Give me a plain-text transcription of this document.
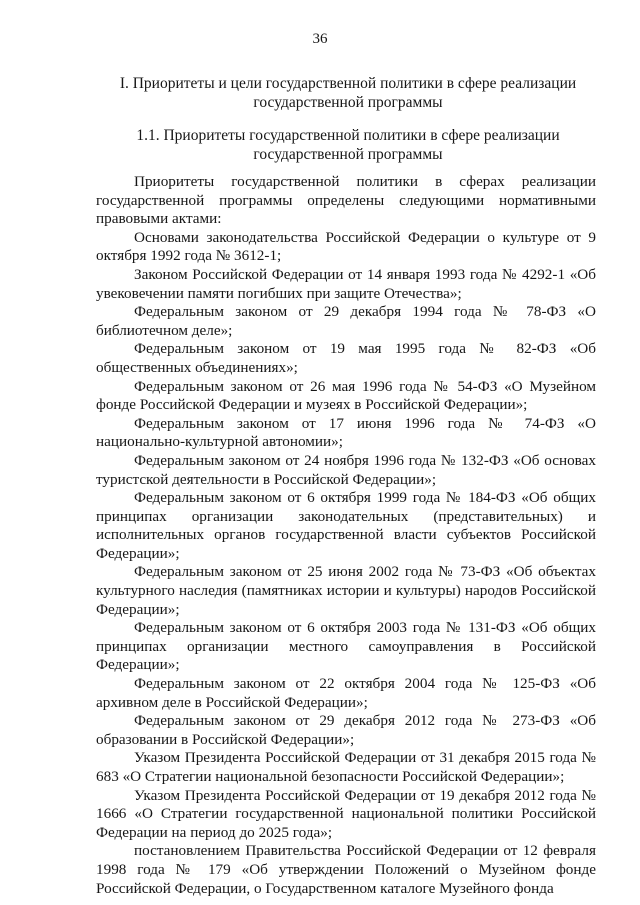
36
I. Приоритеты и цели государственной политики в сфере реализации государственной программы
1.1. Приоритеты государственной политики в сфере реализации государственной программы

Приоритеты государственной политики в сферах реализации государственной программы определены следующими нормативными правовыми актами:

Основами законодательства Российской Федерации о культуре от 9 октября 1992 года № 3612-1;

Законом Российской Федерации от 14 января 1993 года № 4292-1 «Об увековечении памяти погибших при защите Отечества»;

Федеральным законом от 29 декабря 1994 года № 78-ФЗ «О библиотечном деле»;

Федеральным законом от 19 мая 1995 года № 82-ФЗ «Об общественных объединениях»;

Федеральным законом от 26 мая 1996 года № 54-ФЗ «О Музейном фонде Российской Федерации и музеях в Российской Федерации»;

Федеральным законом от 17 июня 1996 года № 74-ФЗ «О национально-культурной автономии»;

Федеральным законом от 24 ноября 1996 года № 132-ФЗ «Об основах туристской деятельности в Российской Федерации»;

Федеральным законом от 6 октября 1999 года № 184-ФЗ «Об общих принципах организации законодательных (представительных) и исполнительных органов государственной власти субъектов Российской Федерации»;

Федеральным законом от 25 июня 2002 года № 73-ФЗ «Об объектах культурного наследия (памятниках истории и культуры) народов Российской Федерации»;

Федеральным законом от 6 октября 2003 года № 131-ФЗ «Об общих принципах организации местного самоуправления в Российской Федерации»;

Федеральным законом от 22 октября 2004 года № 125-ФЗ «Об архивном деле в Российской Федерации»;

Федеральным законом от 29 декабря 2012 года № 273-ФЗ «Об образовании в Российской Федерации»;

Указом Президента Российской Федерации от 31 декабря 2015 года № 683 «О Стратегии национальной безопасности Российской Федерации»;

Указом Президента Российской Федерации от 19 декабря 2012 года № 1666 «О Стратегии государственной национальной политики Российской Федерации на период до 2025 года»;

постановлением Правительства Российской Федерации от 12 февраля 1998 года № 179 «Об утверждении Положений о Музейном фонде Российской Федерации, о Государственном каталоге Музейного фонда
